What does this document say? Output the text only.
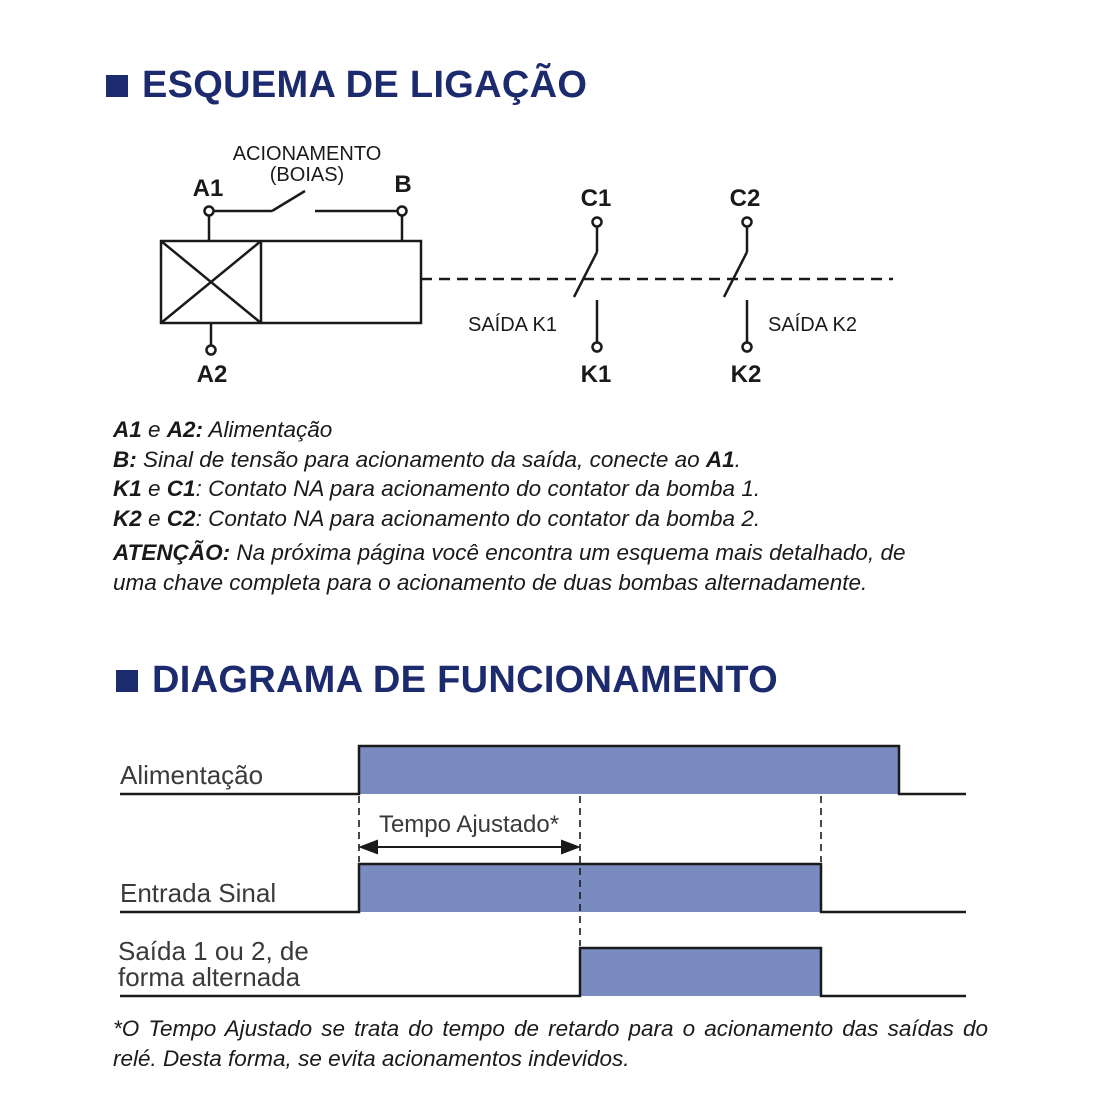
ESQUEMA DE LIGAÇÃO
ACIONAMENTO
(BOIAS)
A1	B
A2
C1	C2
K1	K2
SAÍDA K1	SAÍDA K2
Alimentação
Entrada Sinal
Saída 1 ou 2, de
forma alternada
Tempo Ajustado*
A1 e A2: Alimentação
B: Sinal de tensão para acionamento da saída, conecte ao A1.
K1 e C1: Contato NA para acionamento do contator da bomba 1.
K2 e C2: Contato NA para acionamento do contator da bomba 2.
ATENÇÃO: Na próxima página você encontra um esquema mais detalhado, de
uma chave completa para o acionamento de duas bombas alternadamente.
DIAGRAMA DE FUNCIONAMENTO
*O Tempo Ajustado se trata do tempo de retardo para o acionamento das saídas do relé. Desta forma, se evita acionamentos indevidos.
